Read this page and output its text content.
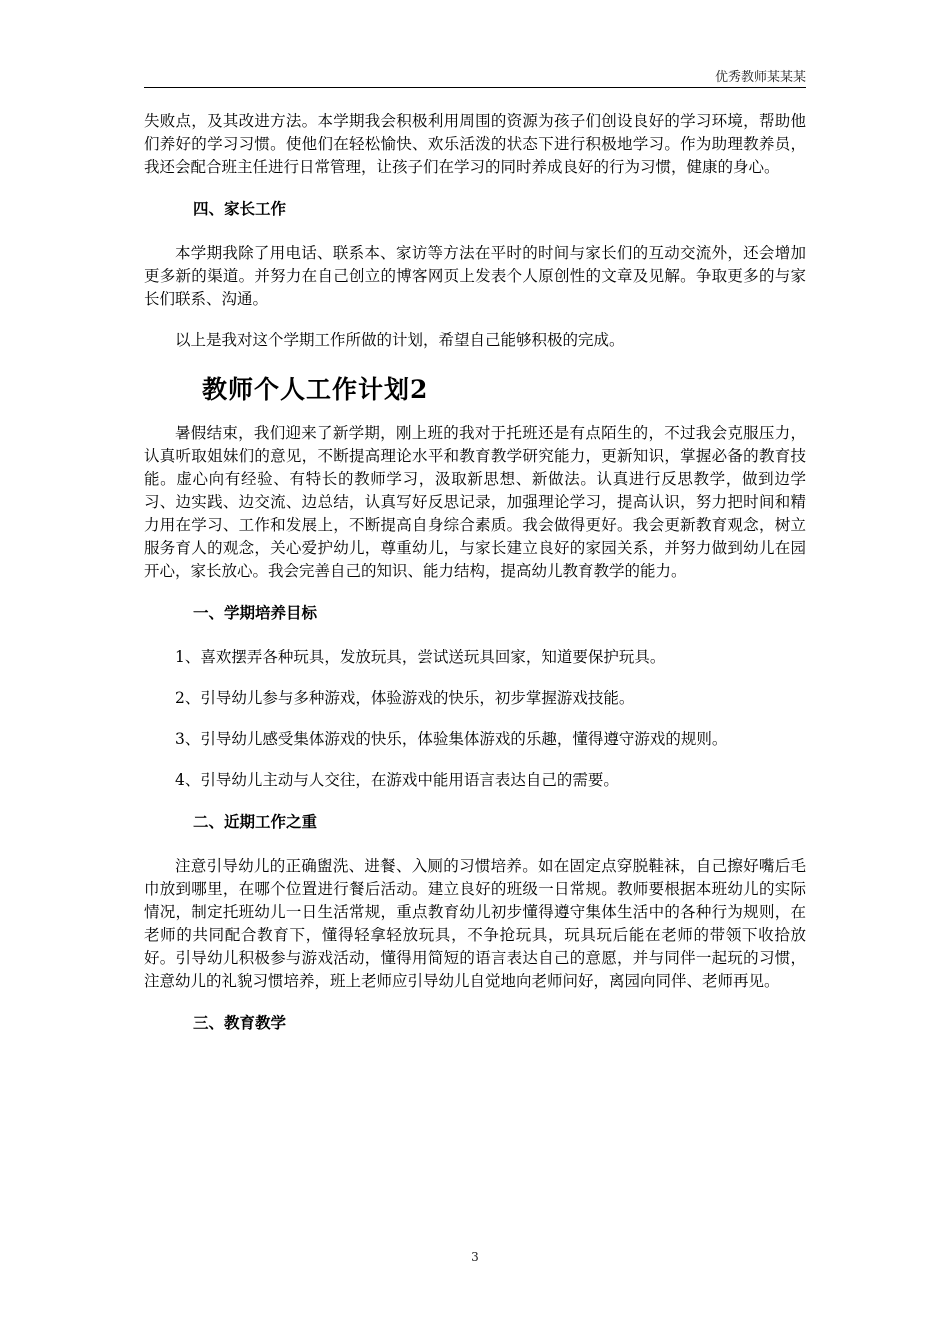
优秀教师某某某

失败点，及其改进方法。本学期我会积极利用周围的资源为孩子们创设良好的学习环境，帮助他们养好的学习习惯。使他们在轻松愉快、欢乐活泼的状态下进行积极地学习。作为助理教养员，我还会配合班主任进行日常管理，让孩子们在学习的同时养成良好的行为习惯，健康的身心。

四、家长工作

本学期我除了用电话、联系本、家访等方法在平时的时间与家长们的互动交流外，还会增加更多新的渠道。并努力在自己创立的博客网页上发表个人原创性的文章及见解。争取更多的与家长们联系、沟通。

以上是我对这个学期工作所做的计划，希望自己能够积极的完成。

教师个人工作计划2

暑假结束，我们迎来了新学期，刚上班的我对于托班还是有点陌生的，不过我会克服压力，认真听取姐妹们的意见，不断提高理论水平和教育教学研究能力，更新知识，掌握必备的教育技能。虚心向有经验、有特长的教师学习，汲取新思想、新做法。认真进行反思教学，做到边学习、边实践、边交流、边总结，认真写好反思记录，加强理论学习，提高认识，努力把时间和精力用在学习、工作和发展上，不断提高自身综合素质。我会做得更好。我会更新教育观念，树立服务育人的观念，关心爱护幼儿，尊重幼儿，与家长建立良好的家园关系，并努力做到幼儿在园开心，家长放心。我会完善自己的知识、能力结构，提高幼儿教育教学的能力。

一、学期培养目标

1、喜欢摆弄各种玩具，发放玩具，尝试送玩具回家，知道要保护玩具。

2、引导幼儿参与多种游戏，体验游戏的快乐，初步掌握游戏技能。

3、引导幼儿感受集体游戏的快乐，体验集体游戏的乐趣，懂得遵守游戏的规则。

4、引导幼儿主动与人交往，在游戏中能用语言表达自己的需要。

二、近期工作之重

注意引导幼儿的正确盥洗、进餐、入厕的习惯培养。如在固定点穿脱鞋袜，自己擦好嘴后毛巾放到哪里，在哪个位置进行餐后活动。建立良好的班级一日常规。教师要根据本班幼儿的实际情况，制定托班幼儿一日生活常规，重点教育幼儿初步懂得遵守集体生活中的各种行为规则，在老师的共同配合教育下，懂得轻拿轻放玩具，不争抢玩具，玩具玩后能在老师的带领下收拾放好。引导幼儿积极参与游戏活动，懂得用简短的语言表达自己的意愿，并与同伴一起玩的习惯，注意幼儿的礼貌习惯培养，班上老师应引导幼儿自觉地向老师问好，离园向同伴、老师再见。

三、教育教学
3
